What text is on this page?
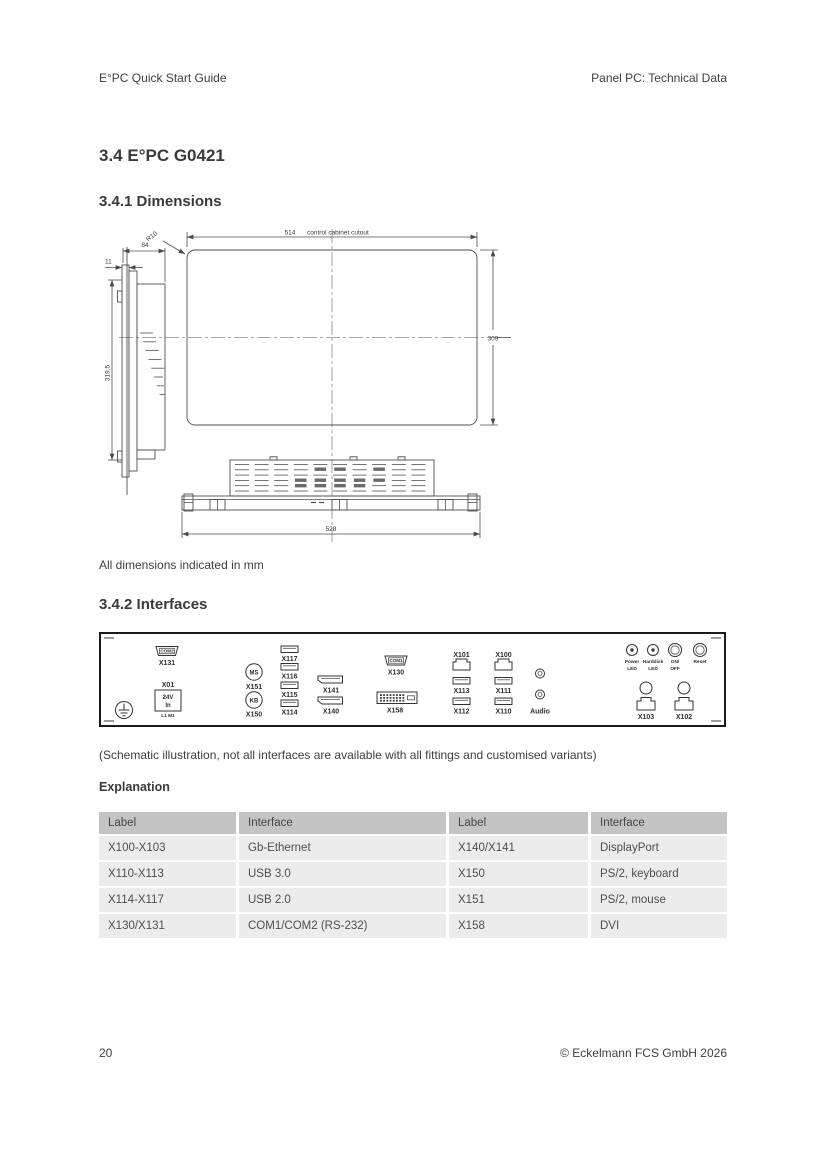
E°PC Quick Start Guide	Panel PC: Technical Data
3.4 E°PC G0421
3.4.1 Dimensions
514 control cabinet cutout
R10
309
84
11
319,5
528
All dimensions indicated in mm
3.4.2 Interfaces
COM2
X131
X01
24V
In
L1 M1
MS
X151
KB
X150
X117
X116
X115
X114
X141
X140
COM1
X130
X158
X101
X113
X112
X100
X111
X110	Audio
Power
LED
Harddisk
LED
ON/
OFF
Reset
X103	X102
(Schematic illustration, not all interfaces are available with all fittings and customised variants)
Explanation
Label	Interface	Label	Interface
X100-X103	Gb-Ethernet	X140/X141	DisplayPort
X110-X113	USB 3.0	X150	PS/2, keyboard
X114-X117	USB 2.0	X151	PS/2, mouse
X130/X131	COM1/COM2 (RS-232)	X158	DVI
20	© Eckelmann FCS GmbH 2026
